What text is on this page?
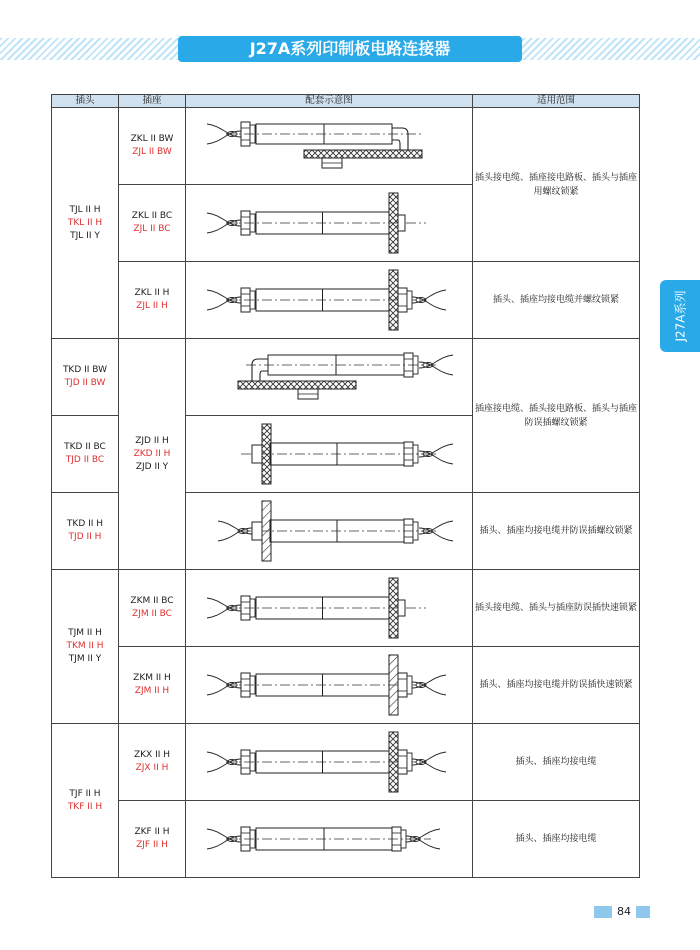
J27A系列印制板电路连接器
J27A系列
插头	插座	配套示意图	适用范围

TJL II H
TKL II H
TJL II Y	ZKL II BW
ZJL II BW		插头接电缆、插座接电路板、插头与插座用螺纹锁紧

	ZKL II BC
ZJL II BC

	ZKL II H
ZJL II H		插头、插座均接电缆并螺纹锁紧

TKD II BW
TJD II BW	ZJD II H
ZKD II H
ZJD II Y		插座接电缆、插头接电路板、插头与插座防误插螺纹锁紧

TKD II BC
TJD II BC

TKD II H
TJD II H			插头、插座均接电缆并防误插螺纹锁紧

TJM II H
TKM II H
TJM II Y	ZKM II BC
ZJM II BC		插头接电缆、插头与插座防误插快速锁紧

	ZKM II H
ZJM II H		插头、插座均接电缆并防误插快速锁紧

TJF II H
TKF II H	ZKX II H
ZJX II H		插头、插座均接电缆

	ZKF II H
ZJF II H		插头、插座均接电缆
84
